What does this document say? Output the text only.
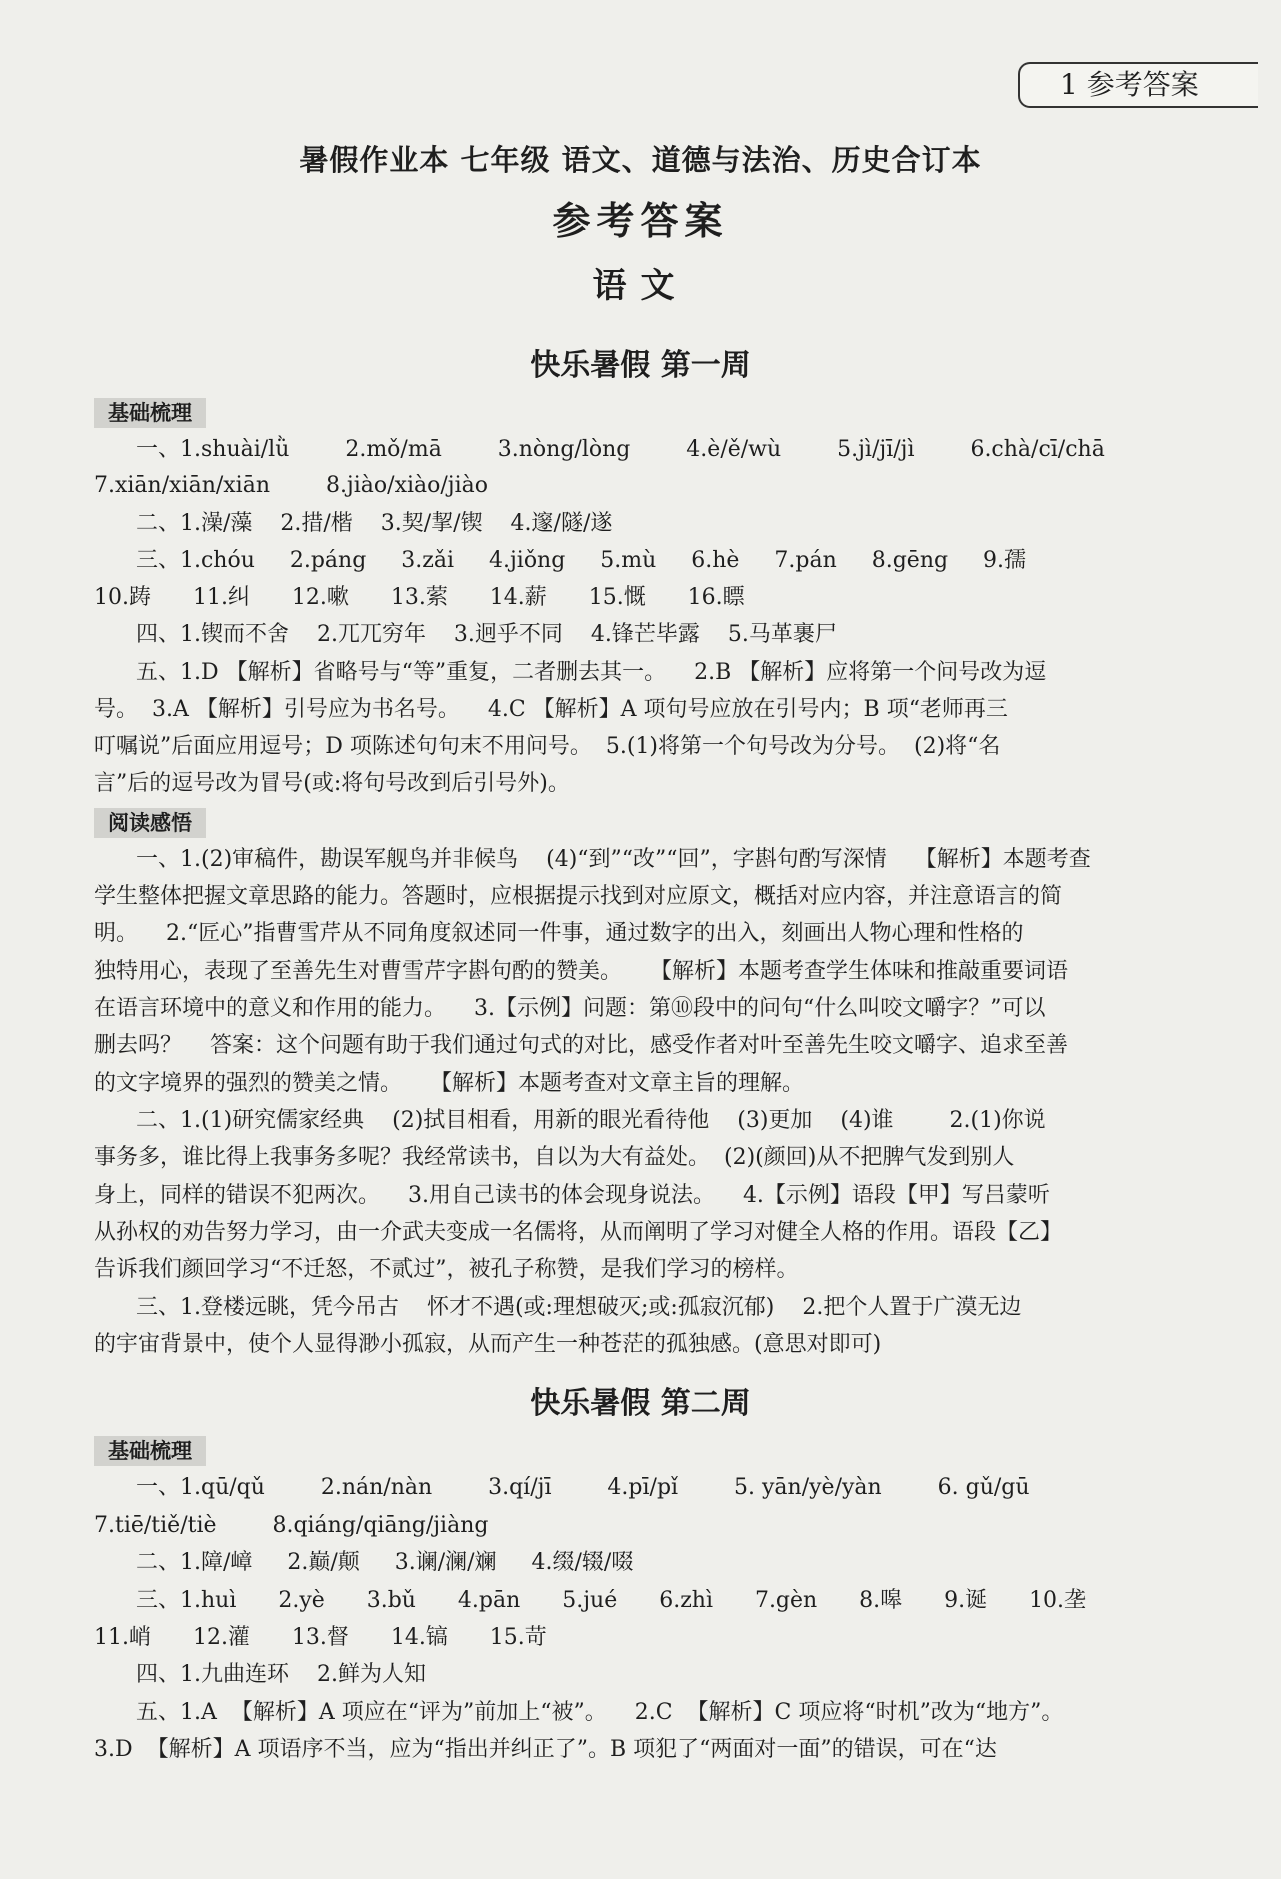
1 参考答案
暑假作业本 七年级 语文、道德与法治、历史合订本
参考答案
语文
快乐暑假 第一周
基础梳理
一、1.shuài/lǜ        2.mǒ/mā        3.nòng/lòng        4.è/ě/wù        5.jì/jī/jì        6.chà/cī/chā
7.xiān/xiān/xiān        8.jiào/xiào/jiào
二、1.澡/藻    2.措/楷    3.契/挈/锲    4.邃/隧/遂
三、1.chóu     2.páng     3.zǎi     4.jiǒng     5.mù     6.hè     7.pán     8.gēng     9.孺
10.踌      11.纠      12.嗽      13.萦      14.薪      15.慨      16.瞟
四、1.锲而不舍    2.兀兀穷年    3.迥乎不同    4.锋芒毕露    5.马革裹尸
五、1.D 【解析】省略号与“等”重复，二者删去其一。    2.B 【解析】应将第一个问号改为逗
号。  3.A 【解析】引号应为书名号。    4.C 【解析】A 项句号应放在引号内；B 项“老师再三
叮嘱说”后面应用逗号；D 项陈述句句末不用问号。  5.(1)将第一个句号改为分号。  (2)将“名
言”后的逗号改为冒号(或:将句号改到后引号外)。
阅读感悟
一、1.(2)审稿件，勘误军舰鸟并非候鸟    (4)“到”“改”“回”，字斟句酌写深情    【解析】本题考查
学生整体把握文章思路的能力。答题时，应根据提示找到对应原文，概括对应内容，并注意语言的简
明。    2.“匠心”指曹雪芹从不同角度叙述同一件事，通过数字的出入，刻画出人物心理和性格的
独特用心，表现了至善先生对曹雪芹字斟句酌的赞美。    【解析】本题考查学生体味和推敲重要词语
在语言环境中的意义和作用的能力。    3.【示例】问题：第⑩段中的问句“什么叫咬文嚼字？”可以
删去吗？    答案：这个问题有助于我们通过句式的对比，感受作者对叶至善先生咬文嚼字、追求至善
的文字境界的强烈的赞美之情。    【解析】本题考查对文章主旨的理解。
二、1.(1)研究儒家经典    (2)拭目相看，用新的眼光看待他    (3)更加    (4)谁        2.(1)你说
事务多，谁比得上我事务多呢？我经常读书，自以为大有益处。  (2)(颜回)从不把脾气发到别人
身上，同样的错误不犯两次。    3.用自己读书的体会现身说法。    4.【示例】语段【甲】写吕蒙听
从孙权的劝告努力学习，由一介武夫变成一名儒将，从而阐明了学习对健全人格的作用。语段【乙】
告诉我们颜回学习“不迁怒，不贰过”，被孔子称赞，是我们学习的榜样。
三、1.登楼远眺，凭今吊古    怀才不遇(或:理想破灭;或:孤寂沉郁)    2.把个人置于广漠无边
的宇宙背景中，使个人显得渺小孤寂，从而产生一种苍茫的孤独感。(意思对即可)
快乐暑假 第二周
基础梳理
一、1.qū/qǔ        2.nán/nàn        3.qí/jī        4.pī/pǐ        5. yān/yè/yàn        6. gǔ/gū
7.tiē/tiě/tiè        8.qiáng/qiāng/jiàng
二、1.障/嶂     2.巅/颠     3.谰/澜/斓     4.缀/辍/啜
三、1.huì      2.yè      3.bǔ      4.pān      5.jué      6.zhì      7.gèn      8.嗥      9.诞      10.垄
11.峭      12.灌      13.督      14.镐      15.苛
四、1.九曲连环    2.鲜为人知
五、1.A  【解析】A 项应在“评为”前加上“被”。    2.C  【解析】C 项应将“时机”改为“地方”。
3.D  【解析】A 项语序不当，应为“指出并纠正了”。B 项犯了“两面对一面”的错误，可在“达
